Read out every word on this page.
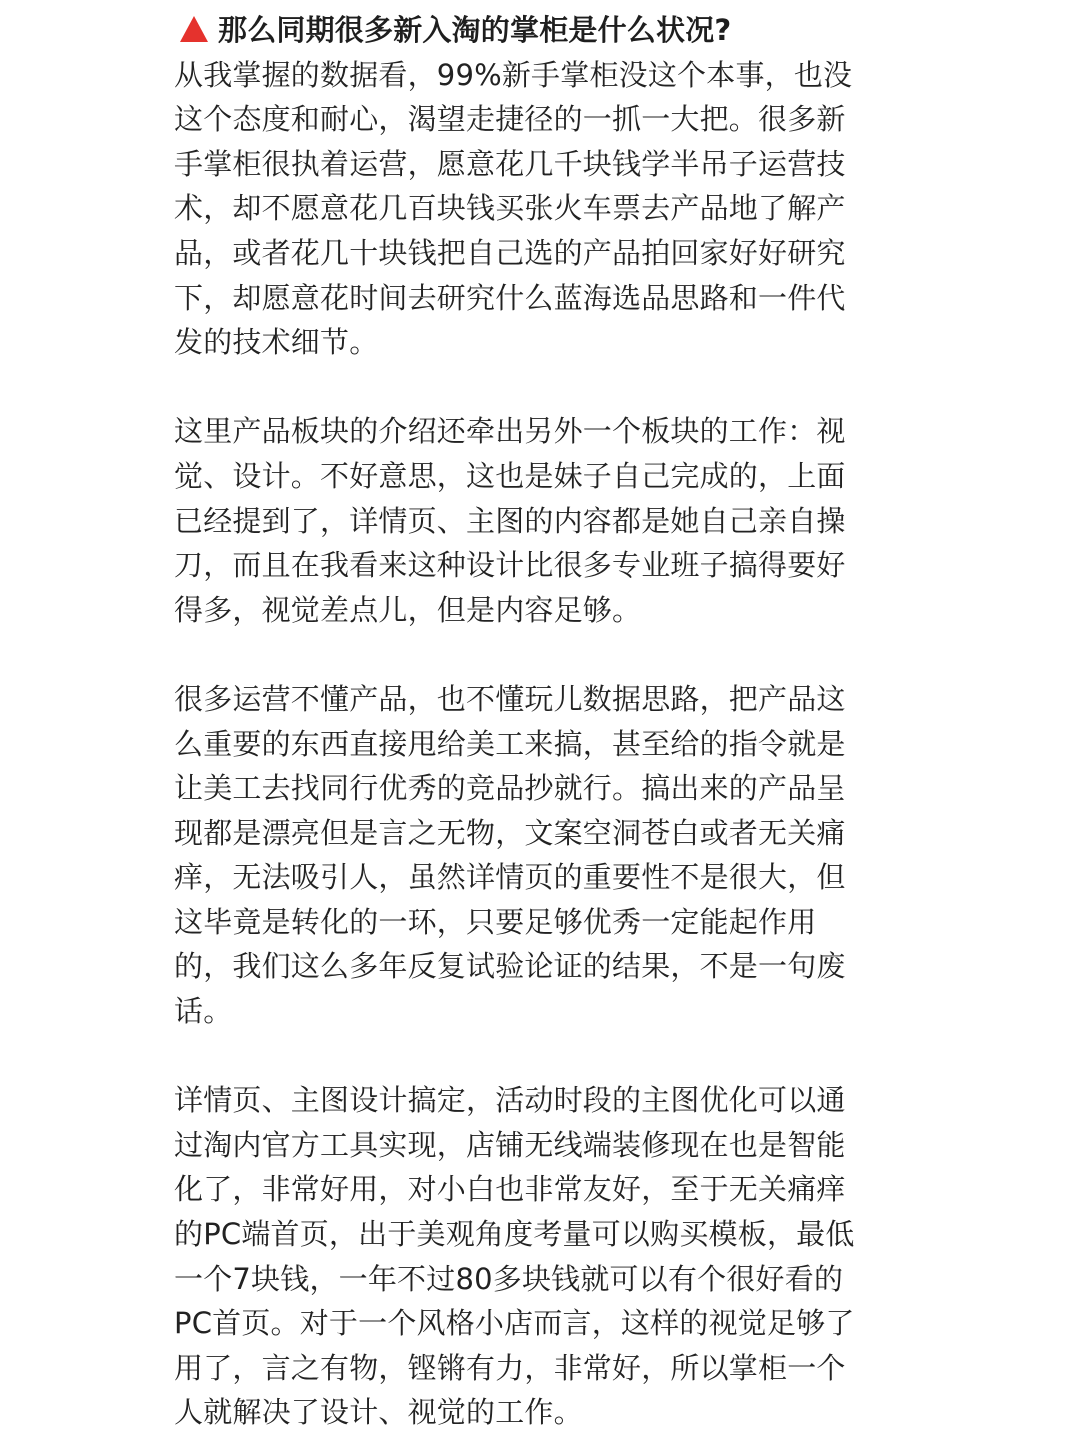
那么同期很多新入淘的掌柜是什么状况?
从我掌握的数据看，99%新手掌柜没这个本事，也没
这个态度和耐心，渴望走捷径的一抓一大把。很多新
手掌柜很执着运营，愿意花几千块钱学半吊子运营技
术，却不愿意花几百块钱买张火车票去产品地了解产
品，或者花几十块钱把自己选的产品拍回家好好研究
下，却愿意花时间去研究什么蓝海选品思路和一件代
发的技术细节。
这里产品板块的介绍还牵出另外一个板块的工作：视
觉、设计。不好意思，这也是妹子自己完成的，上面
已经提到了，详情页、主图的内容都是她自己亲自操
刀，而且在我看来这种设计比很多专业班子搞得要好
得多，视觉差点儿，但是内容足够。
很多运营不懂产品，也不懂玩儿数据思路，把产品这
么重要的东西直接甩给美工来搞，甚至给的指令就是
让美工去找同行优秀的竞品抄就行。搞出来的产品呈
现都是漂亮但是言之无物，文案空洞苍白或者无关痛
痒，无法吸引人，虽然详情页的重要性不是很大，但
这毕竟是转化的一环，只要足够优秀一定能起作用
的，我们这么多年反复试验论证的结果，不是一句废
话。
详情页、主图设计搞定，活动时段的主图优化可以通
过淘内官方工具实现，店铺无线端装修现在也是智能
化了，非常好用，对小白也非常友好，至于无关痛痒
的PC端首页，出于美观角度考量可以购买模板，最低
一个7块钱，一年不过80多块钱就可以有个很好看的
PC首页。对于一个风格小店而言，这样的视觉足够了
用了，言之有物，铿锵有力，非常好，所以掌柜一个
人就解决了设计、视觉的工作。
